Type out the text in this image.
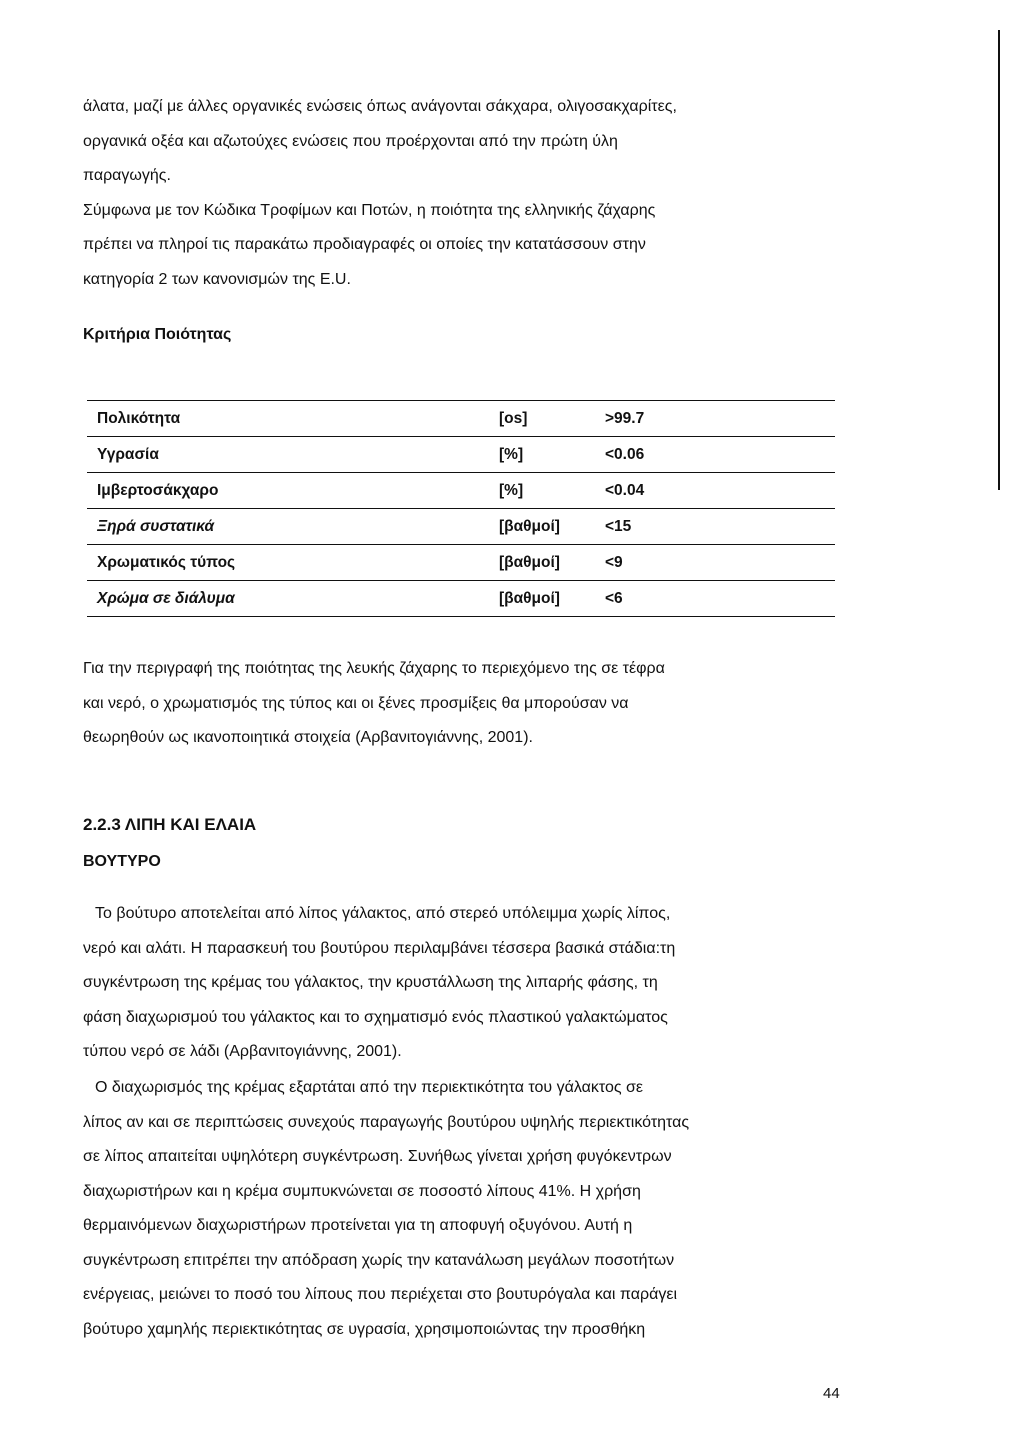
άλατα, μαζί με άλλες οργανικές ενώσεις όπως ανάγονται σάκχαρα, ολιγοσακχαρίτες,
οργανικά οξέα και αζωτούχες ενώσεις που προέρχονται από την πρώτη ύλη
παραγωγής.
Σύμφωνα με τον Κώδικα Τροφίμων και Ποτών, η ποιότητα της ελληνικής ζάχαρης
πρέπει να πληροί τις παρακάτω προδιαγραφές οι οποίες την κατατάσσουν στην
κατηγορία 2 των κανονισμών της Ε.U.

Κριτήρια Ποιότητας
Πολικότητα	[οs]	>99.7
Υγρασία	[%]	<0.06
Ιμβερτοσάκχαρο	[%]	<0.04
Ξηρά συστατικά	[βαθμοί]	<15
Χρωματικός τύπος	[βαθμοί]	<9
Χρώμα σε διάλυμα	[βαθμοί]	<6

Για την περιγραφή της ποιότητας της λευκής ζάχαρης το περιεχόμενο της σε τέφρα
και νερό, ο χρωματισμός της τύπος και οι ξένες προσμίξεις θα μπορούσαν να
θεωρηθούν ως ικανοποιητικά στοιχεία (Αρβανιτογιάννης, 2001).

2.2.3 ΛΙΠΗ ΚΑΙ ΕΛΑΙΑ
ΒΟΥΤΥΡΟ

Το βούτυρο αποτελείται από λίπος γάλακτος, από στερεό υπόλειμμα χωρίς λίπος,
νερό και αλάτι. Η παρασκευή του βουτύρου περιλαμβάνει τέσσερα βασικά στάδια:τη
συγκέντρωση της κρέμας του γάλακτος, την κρυστάλλωση της λιπαρής φάσης, τη
φάση διαχωρισμού του γάλακτος και το σχηματισμό ενός πλαστικού γαλακτώματος
τύπου νερό σε λάδι (Αρβανιτογιάννης, 2001).

Ο διαχωρισμός της κρέμας εξαρτάται από την περιεκτικότητα του γάλακτος σε
λίπος αν και σε περιπτώσεις συνεχούς παραγωγής βουτύρου υψηλής περιεκτικότητας
σε λίπος απαιτείται υψηλότερη συγκέντρωση. Συνήθως γίνεται χρήση φυγόκεντρων
διαχωριστήρων και η κρέμα συμπυκνώνεται σε ποσοστό λίπους 41%. Η χρήση
θερμαινόμενων διαχωριστήρων προτείνεται για τη αποφυγή οξυγόνου. Αυτή η
συγκέντρωση επιτρέπει την απόδραση χωρίς την κατανάλωση μεγάλων ποσοτήτων
ενέργειας, μειώνει το ποσό του λίπους που περιέχεται στο βουτυρόγαλα και παράγει
βούτυρο χαμηλής περιεκτικότητας σε υγρασία, χρησιμοποιώντας την προσθήκη

44
